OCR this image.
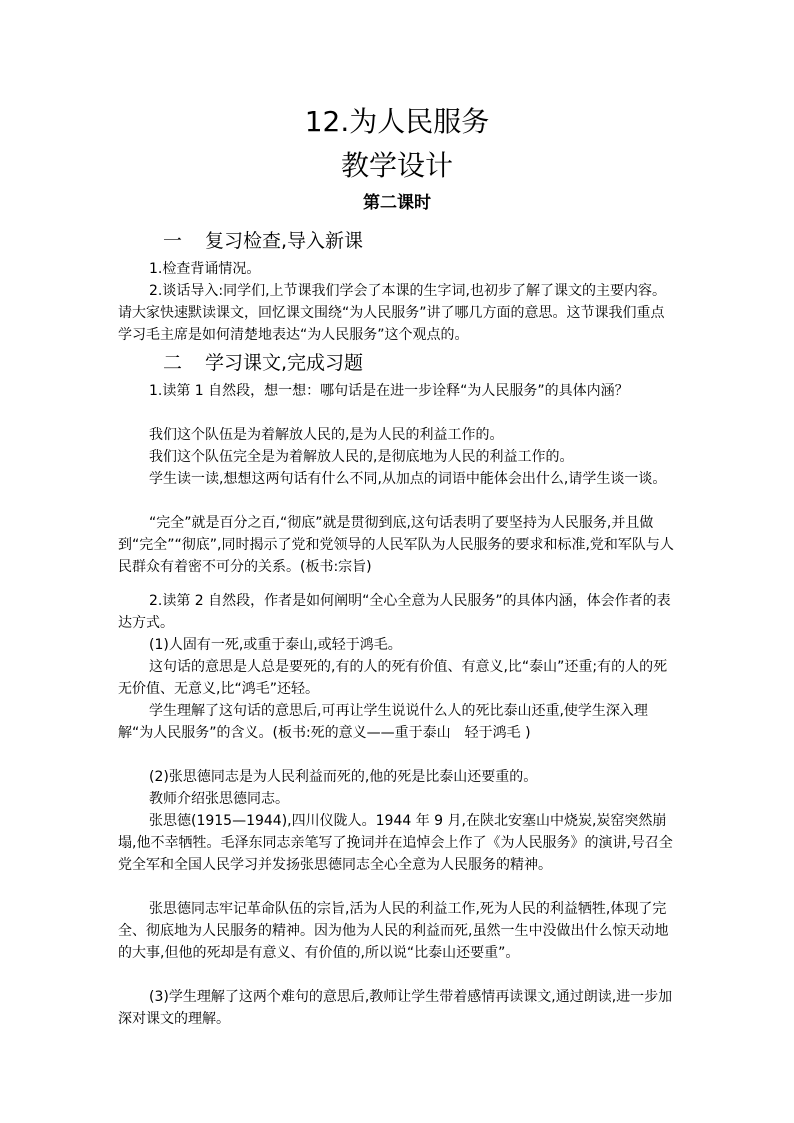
12.为人民服务
教学设计
第二课时
一 复习检查,导入新课
1.检查背诵情况。
2.谈话导入:同学们,上节课我们学会了本课的生字词,也初步了解了课文的主要内容。请大家快速默读课文，回忆课文围绕“为人民服务”讲了哪几方面的意思。这节课我们重点学习毛主席是如何清楚地表达“为人民服务”这个观点的。
二 学习课文,完成习题
1.读第 1 自然段，想一想：哪句话是在进一步诠释“为人民服务”的具体内涵？
我们这个队伍是为着解放人民的,是为人民的利益工作的。
我们这个队伍完全是为着解放人民的,是彻底地为人民的利益工作的。
学生读一读,想想这两句话有什么不同,从加点的词语中能体会出什么,请学生谈一谈。
“完全”就是百分之百,“彻底”就是贯彻到底,这句话表明了要坚持为人民服务,并且做到“完全”“彻底”,同时揭示了党和党领导的人民军队为人民服务的要求和标准,党和军队与人民群众有着密不可分的关系。(板书:宗旨)
2.读第 2 自然段，作者是如何阐明“全心全意为人民服务”的具体内涵，体会作者的表达方式。
(1)人固有一死,或重于泰山,或轻于鸿毛。
这句话的意思是人总是要死的,有的人的死有价值、有意义,比“泰山”还重;有的人的死无价值、无意义,比“鸿毛”还轻。
学生理解了这句话的意思后,可再让学生说说什么人的死比泰山还重,使学生深入理解“为人民服务”的含义。(板书:死的意义——重于泰山　轻于鸿毛 )
(2)张思德同志是为人民利益而死的,他的死是比泰山还要重的。
教师介绍张思德同志。
张思德(1915—1944),四川仪陇人。1944 年 9 月,在陕北安塞山中烧炭,炭窑突然崩塌,他不幸牺牲。毛泽东同志亲笔写了挽词并在追悼会上作了《为人民服务》的演讲,号召全党全军和全国人民学习并发扬张思德同志全心全意为人民服务的精神。
张思德同志牢记革命队伍的宗旨,活为人民的利益工作,死为人民的利益牺牲,体现了完全、彻底地为人民服务的精神。因为他为人民的利益而死,虽然一生中没做出什么惊天动地的大事,但他的死却是有意义、有价值的,所以说“比泰山还要重”。
(3)学生理解了这两个难句的意思后,教师让学生带着感情再读课文,通过朗读,进一步加深对课文的理解。
